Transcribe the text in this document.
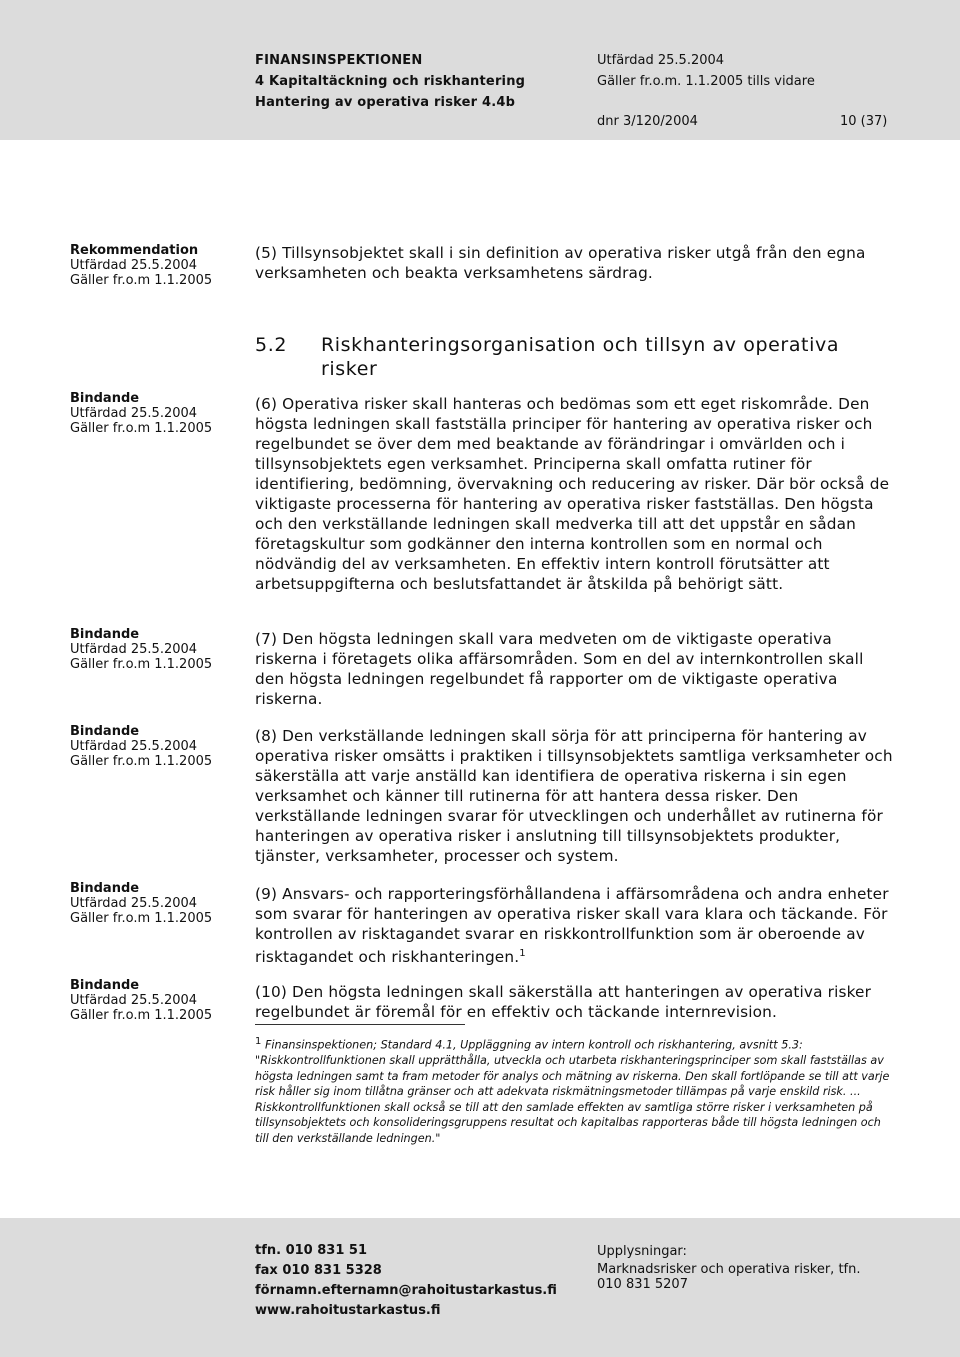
FINANSINSPEKTIONEN
4 Kapitaltäckning och riskhantering
Hantering av operativa risker 4.4b
Utfärdad 25.5.2004
Gäller fr.o.m. 1.1.2005 tills vidare
dnr 3/120/2004	10 (37)
Rekommendation
Utfärdad 25.5.2004
Gäller fr.o.m 1.1.2005
(5) Tillsynsobjektet skall i sin definition av operativa risker utgå från den egna verksamheten och beakta verksamhetens särdrag.
5.2 Riskhanteringsorganisation och tillsyn av operativa
risker
Bindande
Utfärdad 25.5.2004
Gäller fr.o.m 1.1.2005
(6) Operativa risker skall hanteras och bedömas som ett eget riskområde. Den högsta ledningen skall fastställa principer för hantering av operativa risker och regelbundet se över dem med beaktande av förändringar i omvärlden och i tillsynsobjektets egen verksamhet. Principerna skall omfatta rutiner för identifiering, bedömning, övervakning och reducering av risker. Där bör också de viktigaste processerna för hantering av operativa risker fastställas. Den högsta och den verkställande ledningen skall medverka till att det uppstår en sådan företagskultur som godkänner den interna kontrollen som en normal och nödvändig del av verksamheten. En effektiv intern kontroll förutsätter att arbetsuppgifterna och beslutsfattandet är åtskilda på behörigt sätt.
Bindande
Utfärdad 25.5.2004
Gäller fr.o.m 1.1.2005
(7) Den högsta ledningen skall vara medveten om de viktigaste operativa riskerna i företagets olika affärsområden. Som en del av internkontrollen skall den högsta ledningen regelbundet få rapporter om de viktigaste operativa riskerna.
Bindande
Utfärdad 25.5.2004
Gäller fr.o.m 1.1.2005
(8) Den verkställande ledningen skall sörja för att principerna för hantering av operativa risker omsätts i praktiken i tillsynsobjektets samtliga verksamheter och säkerställa att varje anställd kan identifiera de operativa riskerna i sin egen verksamhet och känner till rutinerna för att hantera dessa risker. Den verkställande ledningen svarar för utvecklingen och underhållet av rutinerna för hanteringen av operativa risker i anslutning till tillsynsobjektets produkter, tjänster, verksamheter, processer och system.
Bindande
Utfärdad 25.5.2004
Gäller fr.o.m 1.1.2005
(9) Ansvars- och rapporteringsförhållandena i affärsområdena och andra enheter som svarar för hanteringen av operativa risker skall vara klara och täckande. För kontrollen av risktagandet svarar en riskkontrollfunktion som är oberoende av risktagandet och riskhanteringen.$^1$
Bindande
Utfärdad 25.5.2004
Gäller fr.o.m 1.1.2005
(10) Den högsta ledningen skall säkerställa att hanteringen av operativa risker regelbundet är föremål för en effektiv och täckande internrevision.
$^1$ Finansinspektionen; Standard 4.1, Uppläggning av intern kontroll och riskhantering, avsnitt 5.3: "Riskkontrollfunktionen skall upprätthålla, utveckla och utarbeta riskhanteringsprinciper som skall fastställas av högsta ledningen samt ta fram metoder för analys och mätning av riskerna. Den skall fortlöpande se till att varje risk håller sig inom tillåtna gränser och att adekvata riskmätningsmetoder tillämpas på varje enskild risk. ... Riskkontrollfunktionen skall också se till att den samlade effekten av samtliga större risker i verksamheten på tillsynsobjektets och konsolideringsgruppens resultat och kapitalbas rapporteras både till högsta ledningen och till den verkställande ledningen."
tfn. 010 831 51
fax 010 831 5328
förnamn.efternamn@rahoitustarkastus.fi
www.rahoitustarkastus.fi
Upplysningar:
Marknadsrisker och operativa risker, tfn. 010 831 5207
